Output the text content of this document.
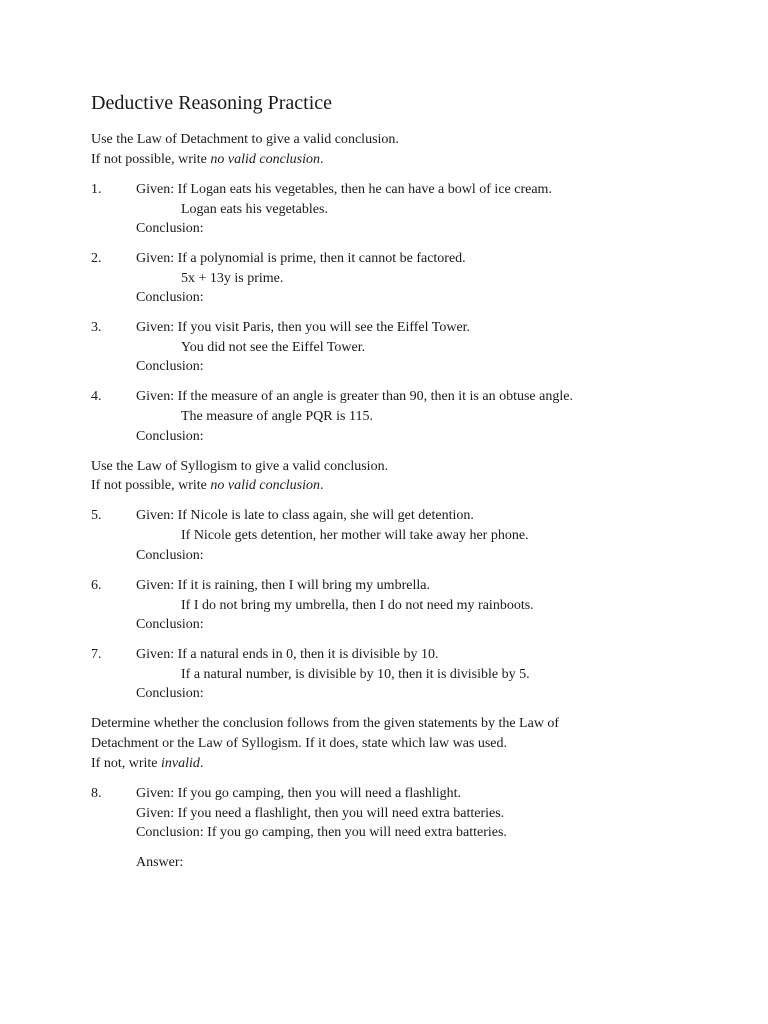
Deductive Reasoning Practice
Use the Law of Detachment to give a valid conclusion.
If not possible, write no valid conclusion.
1. Given: If Logan eats his vegetables, then he can have a bowl of ice cream.
Logan eats his vegetables.
Conclusion:
2. Given: If a polynomial is prime, then it cannot be factored.
5x + 13y is prime.
Conclusion:
3. Given: If you visit Paris, then you will see the Eiffel Tower.
You did not see the Eiffel Tower.
Conclusion:
4. Given: If the measure of an angle is greater than 90, then it is an obtuse angle.
The measure of angle PQR is 115.
Conclusion:
Use the Law of Syllogism to give a valid conclusion.
If not possible, write no valid conclusion.
5. Given: If Nicole is late to class again, she will get detention.
If Nicole gets detention, her mother will take away her phone.
Conclusion:
6. Given: If it is raining, then I will bring my umbrella.
If I do not bring my umbrella, then I do not need my rainboots.
Conclusion:
7. Given: If a natural ends in 0, then it is divisible by 10.
If a natural number, is divisible by 10, then it is divisible by 5.
Conclusion:
Determine whether the conclusion follows from the given statements by the Law of
Detachment or the Law of Syllogism. If it does, state which law was used.
If not, write invalid.
8. Given: If you go camping, then you will need a flashlight.
Given: If you need a flashlight, then you will need extra batteries.
Conclusion: If you go camping, then you will need extra batteries.
Answer:
